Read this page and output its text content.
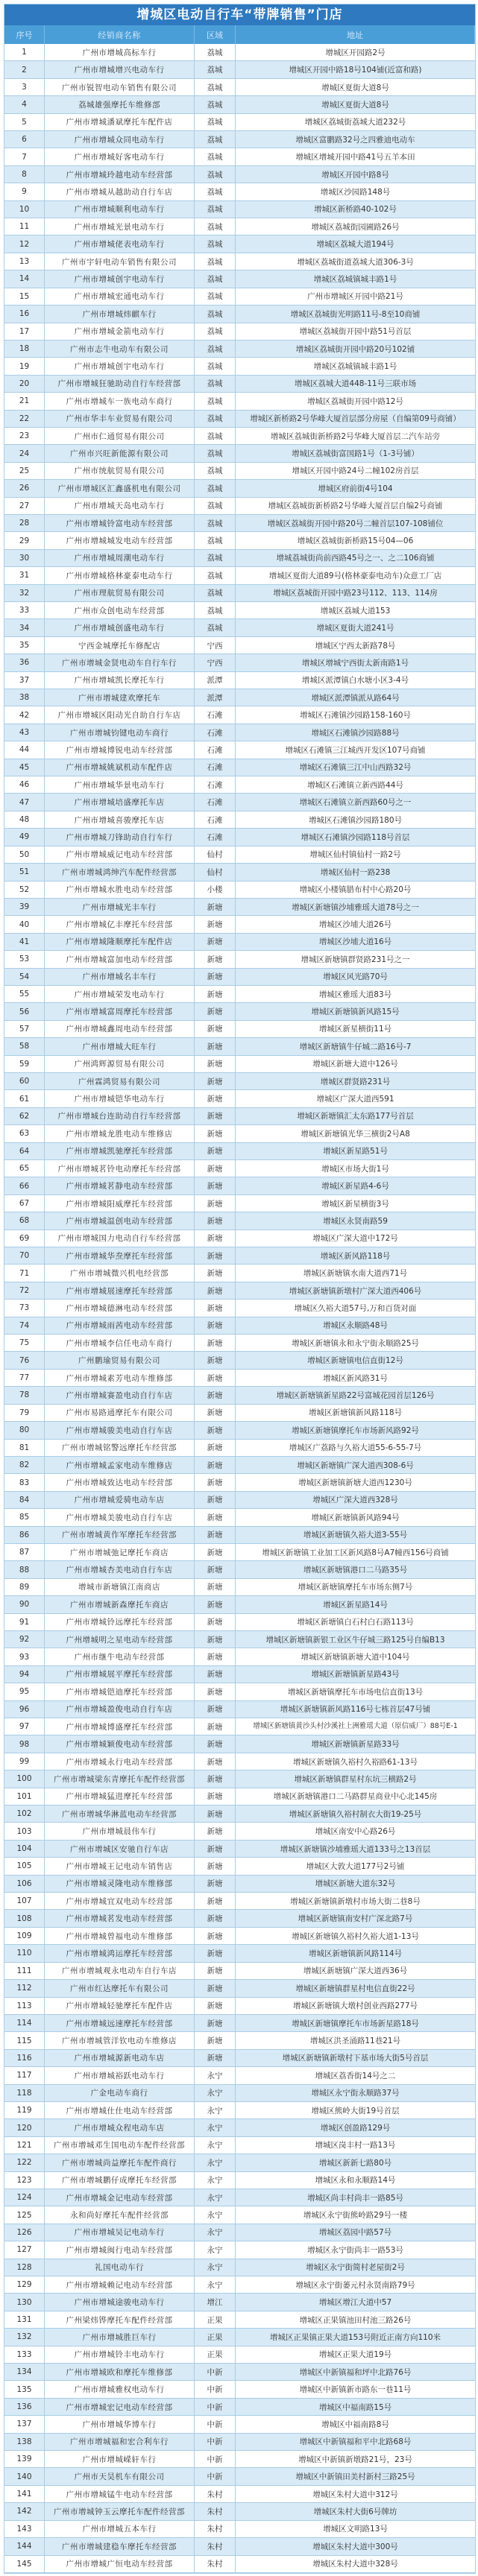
增城区电动自行车“带牌销售”门店
序号	经销商名称	区域	地址
1	广州市增城高标车行	荔城	增城区开园路2号
2	广州市增城增兴电动车行	荔城	增城区开园中路18号104铺(近富和路)
3	广州市锐智电动车销售有限公司	荔城	增城区夏街大道8号
4	荔城雄强摩托车维修部	荔城	增城区夏街大道8号
5	广州市增城潘斌摩托车配件店	荔城	增城区荔城街荔城大道232号
6	广州市增城众同电动车行	荔城	增城区富鹏路32号之四雅迪电动车
7	广州市增城好客电动车行	荔城	增城区增城开园中路41号五羊本田
8	广州市增城玲越电动车经营部	荔城	增城区开园中路8号
9	广州市增城从越助动自行车店	荔城	增城区沙园路148号
10	广州市增城顺利电动车行	荔城	增城区新桥路40-102号
11	广州市增城光景电动车行	荔城	增城区荔城街园圃路26号
12	广州市增城佬表电动车行	荔城	增城区荔城大道194号
13	广州市宇轩电动车销售有限公司	荔城	增城区荔城街道荔城大道306-3号
14	广州市增城创宇电动车行	荔城	增城区荔城镇城丰路1号
15	广州市增城宏通电动车行	荔城	广州市增城区开园中路21号
16	广州市增城炜麒车行	荔城	增城区荔城街光明路11号-8至10商铺
17	广州市增城金箭电动车行	荔城	增城区荔城街开园中路51号首层
18	广州市志牛电动车有限公司	荔城	增城区荔城街开园中路20号102铺
19	广州市增城创宇电动车行	荔城	增城区荔城镇城丰路1号
20	广州市增城狂驰助动自行车经营部	荔城	增城区荔城大道448-11号三联市场
21	广州市增城车一族电动车商行	荔城	增城区荔城街开园中路12号
22	广州市华丰车业贸易有限公司	荔城	增城区新桥路2号华峰大厦首层部分房屋（自编第09号商铺）
23	广州市仁通贸易有限公司	荔城	增城区荔城街新桥路2号华峰大厦首层二汽车站旁
24	广州市兴旺新能源有限公司	荔城	增城区荔城街富国路1号（1-3号铺）
25	广州市统航贸易有限公司	荔城	增城区开园中路24号二幢102房首层
26	广州市增城区汇鑫盛机电有限公司	荔城	增城区府前街4号104
27	广州市增城天岛电动车行	荔城	增城区荔城街新桥路2号华峰大厦首层自编2号商铺
28	广州市增城铃富电动车经营部	荔城	增城区荔城街开园中路20号二幢首层107-108铺位
29	广州市增城城发电动车经营部	荔城	增城区荔城街新桥路15号04—06
30	广州市增城周潮电动车行	荔城	增城荔城街尚前西路45号之一、之二106商铺
31	广州市增城格林豪泰电动车行	荔城	增城区夏街大道89号(格林豪泰电动车)众意工厂店
32	广州市理航贸易有限公司	荔城	增城区荔城街开园中路23号112、113、114房
33	广州市众创电动车经营部	荔城	增城区荔城大道153
34	广州市增城创盛电动车行	荔城	增城区夏街大道241号
35	宁西金城摩托车修配店	宁西	增城区宁西太新路78号
36	广州市增城金贤电动车自行车行	宁西	增城区增城宁西街太新南路1号
37	广州市增城凯长摩托车行	派潭	增城区派潭镇白水塘小区3-4号
38	广州市增城建欢摩托车	派潭	增城区派潭镇派从路64号
42	广州市增城区阳动光自助自行车店	石滩	增城区石滩镇沙园路158-160号
43	广州市增城钧键电动车商行	石滩	增城区石滩镇沙园路88号
44	广州市增城博锐电动车经营部	石滩	增城区石滩镇三江城西开发区107号商铺
45	广州市增城姚斌机动车配件店	石滩	增城区石滩镇三江中山西路32号
46	广州市增城华景电动车行	石滩	增城区石滩镇立新西路44号
47	广州市增城培盛摩托车店	石滩	增城区石滩镇立新西路60号之一
48	广州市增城喜骏摩托车店	石滩	增城区石滩镇沙园路180号
49	广州市增城刀锋助动自行车行	石滩	增城区石滩镇沙园路118号首层
50	广州市增城威记电动车经营部	仙村	增城区仙村镇仙村一路2号
51	广州市增城鸿绅汽车配件经营部	仙村	增城区仙村一路238
52	广州市增城水胜电动车经营部	小楼	增城区小楼镇腊布村中心路20号
39	广州市增城光丰车行	新塘	增城区新塘镇沙埔雅瑶大道78号之一
40	广州市增城亿丰摩托车经营部	新塘	增城区沙埔大道26号
41	广州市增城隆顺摩托车配件店	新塘	增城区沙埔大道16号
53	广州市增城富加电动车经营部	新塘	增城区新塘镇群贤路231号之一
54	广州市增城名丰车行	新塘	增城区风光路70号
55	广州市增城荣发电动车行	新塘	增城区雅瑶大道83号
56	广州市增城富周摩托车经营部	新塘	增城区新塘镇新风路15号
57	广州市增城鑫周电动车经营部	新塘	增城区新星横街11号
58	广州市增城大旺车行	新塘	增城区新塘镇牛仔城二路16号-7
59	广州鸿辉源贸易有限公司	新塘	增城区新塘大道中126号
60	广州霖鸿贸易有限公司	新塘	增城区群贤路231号
61	广州市增城铠华电动车行	新塘	增城区广深大道西591
62	广州市增城台连助动自行车经营部	新塘	增城区新塘镇汇太东路177号首层
63	广州市增城龙胜电动车维修店	新塘	增城区新塘镇光华三横街2号A8
64	广州市增城凯驰摩托车经营部	新塘	增城区新星路51号
65	广州市增城茗铃电动摩托车经营部	新塘	增城区市场大街1号
66	广州市增城茗静电动车经营部	新塘	增城区新星路4-6号
67	广州市增城阳威摩托车经营部	新塘	增城区新星横街3号
68	广州市增城温创电动车经营部	新塘	增城区永贤南路59
69	广州市增城国力电动自行车经营部	新塘	增城区广深大道中172号
70	广州市增城华焘摩托车经营部	新塘	增城区新风路118号
71	广州市增城微兴机电经营部	新塘	增城区新塘镇水南大道西71号
72	广州市增城展速摩托车经营部	新塘	增城区新塘镇新墩村广深大道西406号
73	广州市增城德淋电动车经营部	新塘	增城区久裕大道57号,万和百货对面
74	广州市增城雨茜电动车经营部	新塘	增城区永顺路48号
75	广州市增城李信任电动车商行	新塘	增城区新塘镇永和永宁街永顺路25号
76	广州鹏瑜贸易有限公司	新塘	增城区新塘镇电信直街12号
77	广州市增城素芳电动车维修部	新塘	增城区新风路31号
78	广州市增城赛盈电动自行车店	新塘	增城区新塘镇新星路22号富城花园首层126号
79	广州市易路通摩托车有限公司	新塘	增城区新塘镇新风路118号
80	广州市增城骏美电动自行车店	新塘	增城区新塘镇摩托车市场新风路92号
81	广州市增城铭警远摩托车经营部	新塘	增城区广荔路与久裕大道55-6-55-7号
82	广州市增城孟家电动车维修店	新塘	增城区新塘镇广深大道西308-6号
83	广州市增城致达电动车经营部	新塘	增城区新塘镇新塘大道西1230号
84	广州市增城爱骑电动车店	新塘	增城区广深大道西328号
85	广州市增城美骏电动自行车店	新塘	增城区新塘镇新风路94号
86	广州市增城黄作军摩托车经营部	新塘	增城区新塘镇久裕大道3-55号
87	广州市增城弛记摩托车商店	新塘	增城区新塘镇工业加工区新风路8号A7幢西156号商铺
88	广州市增城杏美电动自行车店	新塘	增城区新塘镇港口二马路35号
89	增城市新塘镇江南商店	新塘	增城区新塘镇摩托车市场东侧7号
90	广州市增城新森摩托车商店	新塘	增城区新星路14号
91	广州市增城铃远摩托车经营部	新塘	增城区新塘镇白石村白石路113号
92	广州增城明之星电动车经营部	新塘	增城区新塘镇新银工业区牛仔城三路125号自编B13
93	广州市继牛电动车经营部	新塘	增城区新塘镇新塘大道中104号
94	广州市增城展平摩托车经营部	新塘	增城区新塘镇新星路43号
95	广州市增城铠迪摩托车经营部	新塘	增城区新塘镇摩托车市场电信直街13号
96	广州市增城盈俊电动自行车店	新塘	增城区新塘镇新风路116号七栋首层47号铺
97	广州市增城博盛摩托车经营部	新塘	增城区新塘镇黄沙头村沙溪社上洲雅瑶大道（原信威厂）88号E-1
98	广州市增城颖俊电动车经营部	新塘	增城区新塘镇新星路33号
99	广州市增城永行电动车经营部	新塘	增城区新塘镇久裕村久裕路61-13号
100	广州市增城梁东青摩托车配件经营部	新塘	增城区新塘镇群星村东坑三横路2号
101	广州市增城猛进摩托车经营部	新塘	增城区新塘镇港口二马路群星商业中心北145房
102	广州市增城华淋蓝电动车经营部	新塘	增城区新塘镇久裕村制衣大街19-25号
103	广州市增城晨伟车行	新塘	增城区南安中心路26号
104	广州市增城区安驰自行车店	新塘	增城区新塘镇沙埔雅瑶大道133号之13首层
105	广州市增城王记电动车销售店	新塘	增城区大敦大道177号2号铺
106	广州市增城灵隆电动车维修部	新塘	增城区新塘大道东32号
107	广州市增城宜双电动车经营部	新塘	增城区新塘镇新墩村市场大街二巷8号
108	广州市增城茗发电动车经营部	新塘	增城区新塘镇南安村广深北路7号
109	广州市增城曾福电动车维修部	新塘	增城区新塘镇久裕村久裕大道1-13号
110	广州市增城鸿运摩托车经营部	新塘	增城区新塘镇新风路114号
111	广州市增城观永电动车自行车店	新塘	增城区新塘镇广深大道西36号
112	广州市红达摩托车有限公司	新塘	增城区新塘镇群星村电信直街22号
113	广州市增城轻驰摩托车配件店	新塘	增城区新塘镇大墩村创业西路277号
114	广州市增城远速摩托车经营部	新塘	增城区新塘镇摩托车市场新星路18号
115	广州市增城管洋钦电动车维修店	新塘	增城区洪圣涌路11巷21号
116	广州市增城源新电动车店	新塘	增城区新塘镇新墩村下基市场大街5号首层
117	广州市增城裕跃电动车行	永宁	增城区荔香街14号之二
118	广金电动车商行	永宁	增城区永宁街永顺路37号
119	广州市增城仕仕电动车经营部	永宁	增城区熊岭大街19号首层
120	广州市增城众程电动车店	永宁	增城区创盈路129号
121	广州市增城邓生国电动车配件经营部	永宁	增城区岗丰村一路13号
122	广州市增城尚益摩托车配件商行	永宁	增城区新新七路80号
123	广州市增城鹏仔成摩托车经营部	永宁	增城区永和永顺路14号
124	广州市增城金记电动车经营部	永宁	增城区尚丰村尚丰一路85号
125	永和尚好摩托车配件经营部	永宁	增城区永宁街熊岭路29号一楼
126	广州市增城吴记电动车行	永宁	增城区荔园中路57号
127	广州市增城闽行电动车经营部	永宁	增城区永宁街尚丰一路53号
128	礼国电动车行	永宁	增城区永宁街简村老屋街2号
129	广州市增城赖记电动车经营部	永宁	增城区永宁街蒌元村永贤南路79号
130	广州市增城途骏电动车行	增江	增城区增江大道中57
131	广州梁炜铧摩托车配件经营部	正果	增城区正果镇池田村池三路26号
132	广州市增城胜巨车行	正果	增城区正果镇正果大道153号附近正南方向110米
133	广州市增城铃丰电动车行	正果	增城区正果大道19号
134	广州市增城欧和摩托车维修部	中新	增城区中新镇福和坪中北路76号
135	广州市增城雅权电动车行	中新	增城区中新镇新市路东一巷11号
136	广州市增城宏记电动车经营部	中新	增城区中福南路15号
137	广州市增城华博车行	中新	增城区中福南路8号
138	广州市增城福和宏合利车行	中新	增城区中新镇福和平中北路68号
139	广州市增城嵘轩车行	中新	增城区中新镇新墩路21号，23号
140	广州市天昊机车有限公司	中新	增城区中新镇田美村新村三路25号
141	广州市增城锰牛电动车经营部	朱村	增城区朱村大道中312号
142	广州市增城钟玉云摩托车配件经营部	朱村	增城区朱村大街6号牌坊
143	广州市增城五本车行	朱村	增城区文明路13号
144	广州市增城建稳车摩托车经营部	朱村	增城区朱村大道中300号
145	广州市增城广恒电动车经营部	朱村	增城区朱村大道中328号
